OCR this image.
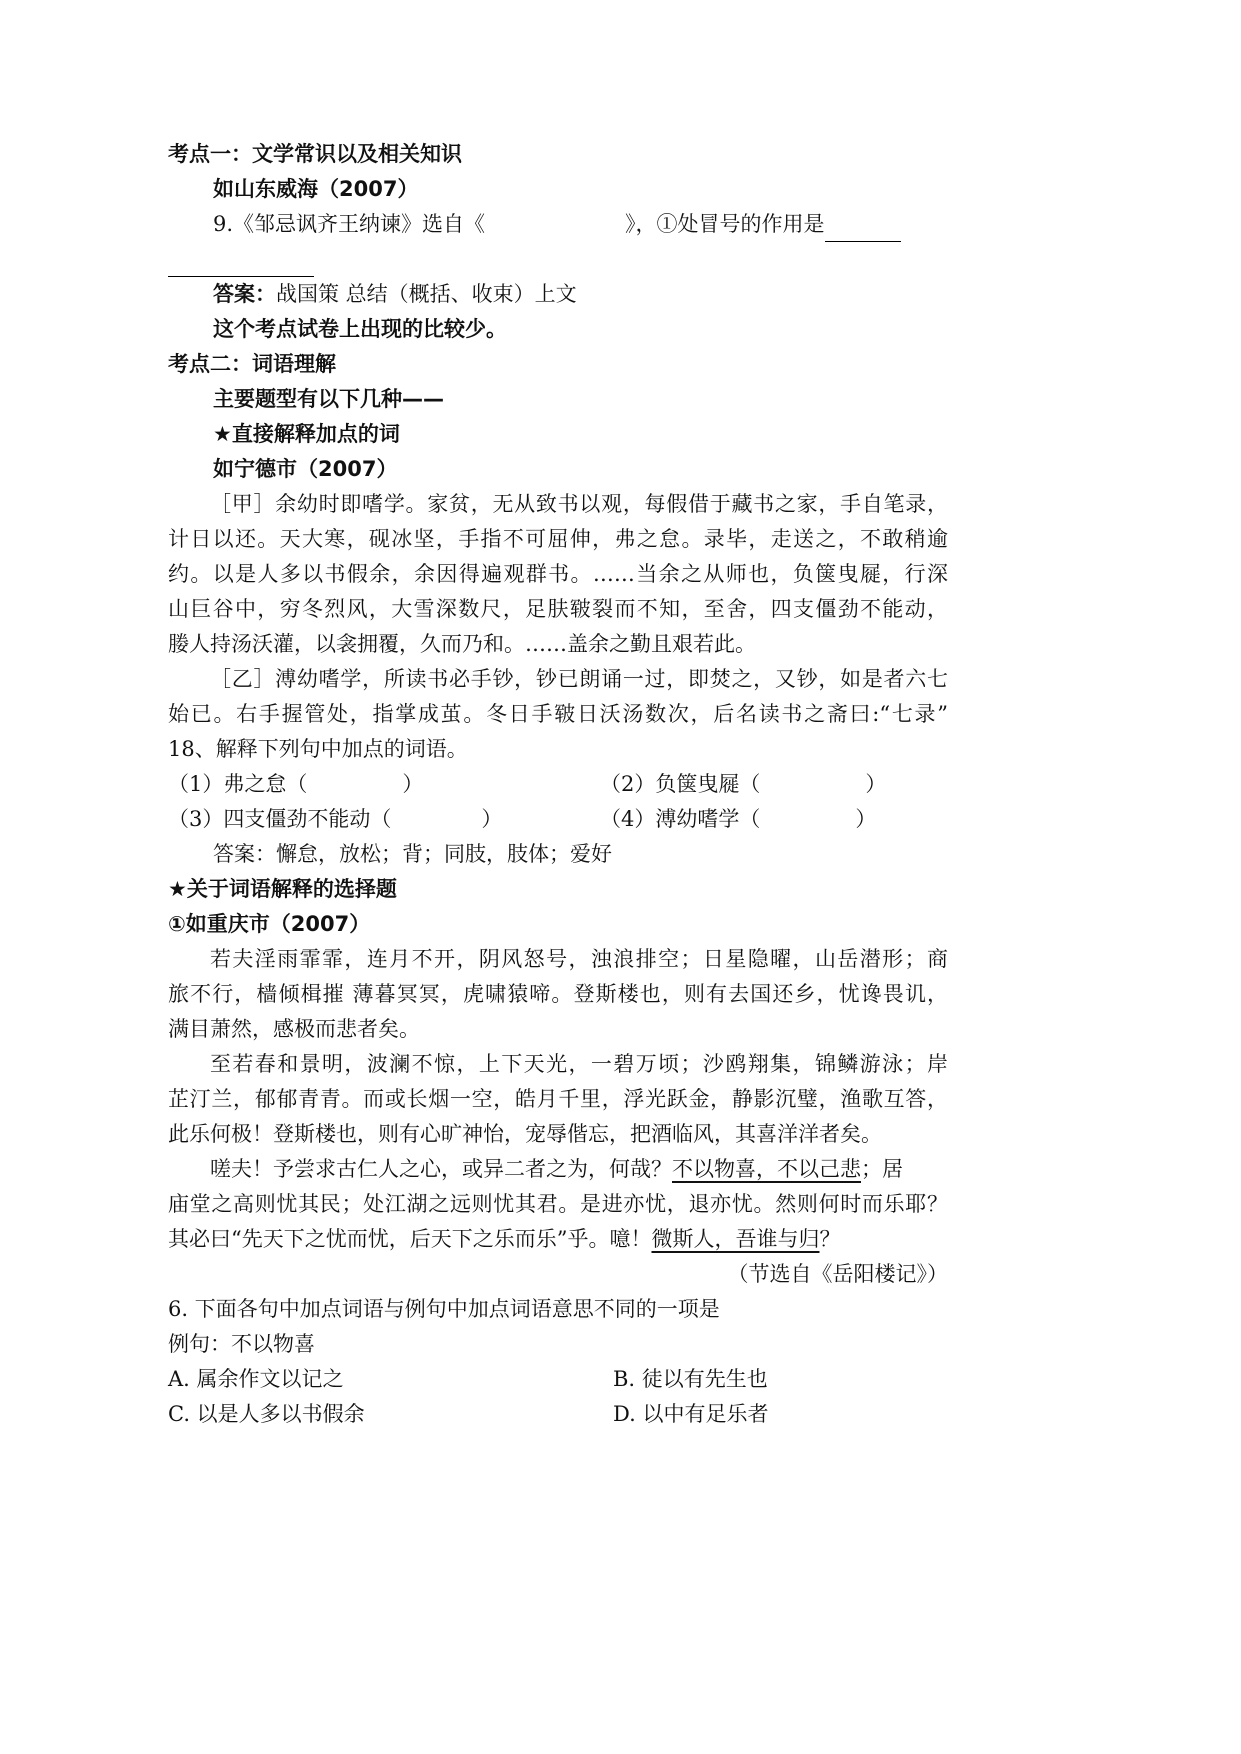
考点一：文学常识以及相关知识
如山东威海（2007）
9.《邹忌讽齐王纳谏》选自《	》，①处冒号的作用是
答案：战国策 总结（概括、收束）上文
这个考点试卷上出现的比较少。
考点二：词语理解
主要题型有以下几种——
★直接解释加点的词
如宁德市（2007）
［甲］余幼时即嗜学。家贫，无从致书以观，每假借于藏书之家，手自笔录，
计日以还。天大寒，砚冰坚，手指不可屈伸，弗之怠。录毕，走送之，不敢稍逾
约。以是人多以书假余，余因得遍观群书。……当余之从师也，负箧曳屣，行深
山巨谷中，穷冬烈风，大雪深数尺，足肤皲裂而不知，至舍，四支僵劲不能动，
媵人持汤沃灌，以衾拥覆，久而乃和。……盖余之勤且艰若此。
［乙］溥幼嗜学，所读书必手钞，钞已朗诵一过，即焚之，又钞，如是者六七
始已。右手握管处，指掌成茧。冬日手皲日沃汤数次，后名读书之斋曰:“七录”
18、解释下列句中加点的词语。
（1）弗之怠（	）	（2）负箧曳屣（	）
（3）四支僵劲不能动（	）	（4）溥幼嗜学（	）
答案：懈怠，放松；背；同肢，肢体；爱好
★关于词语解释的选择题
①如重庆市（2007）
若夫淫雨霏霏，连月不开，阴风怒号，浊浪排空；日星隐曜，山岳潜形；商
旅不行，樯倾楫摧 薄暮冥冥，虎啸猿啼。登斯楼也，则有去国还乡，忧谗畏讥，
满目萧然，感极而悲者矣。
至若春和景明，波澜不惊，上下天光，一碧万顷；沙鸥翔集，锦鳞游泳；岸
芷汀兰，郁郁青青。而或长烟一空，皓月千里，浮光跃金，静影沉璧，渔歌互答，
此乐何极！登斯楼也，则有心旷神怡，宠辱偕忘，把酒临风，其喜洋洋者矣。
嗟夫！予尝求古仁人之心，或异二者之为，何哉？不以物喜，不以己悲；居
庙堂之高则忧其民；处江湖之远则忧其君。是进亦忧，退亦忧。然则何时而乐耶？
其必曰“先天下之忧而忧，后天下之乐而乐”乎。噫！微斯人，吾谁与归？
（节选自《岳阳楼记》）
6. 下面各句中加点词语与例句中加点词语意思不同的一项是
例句：不以物喜
A. 属余作文以记之	B. 徒以有先生也
C. 以是人多以书假余	D. 以中有足乐者
